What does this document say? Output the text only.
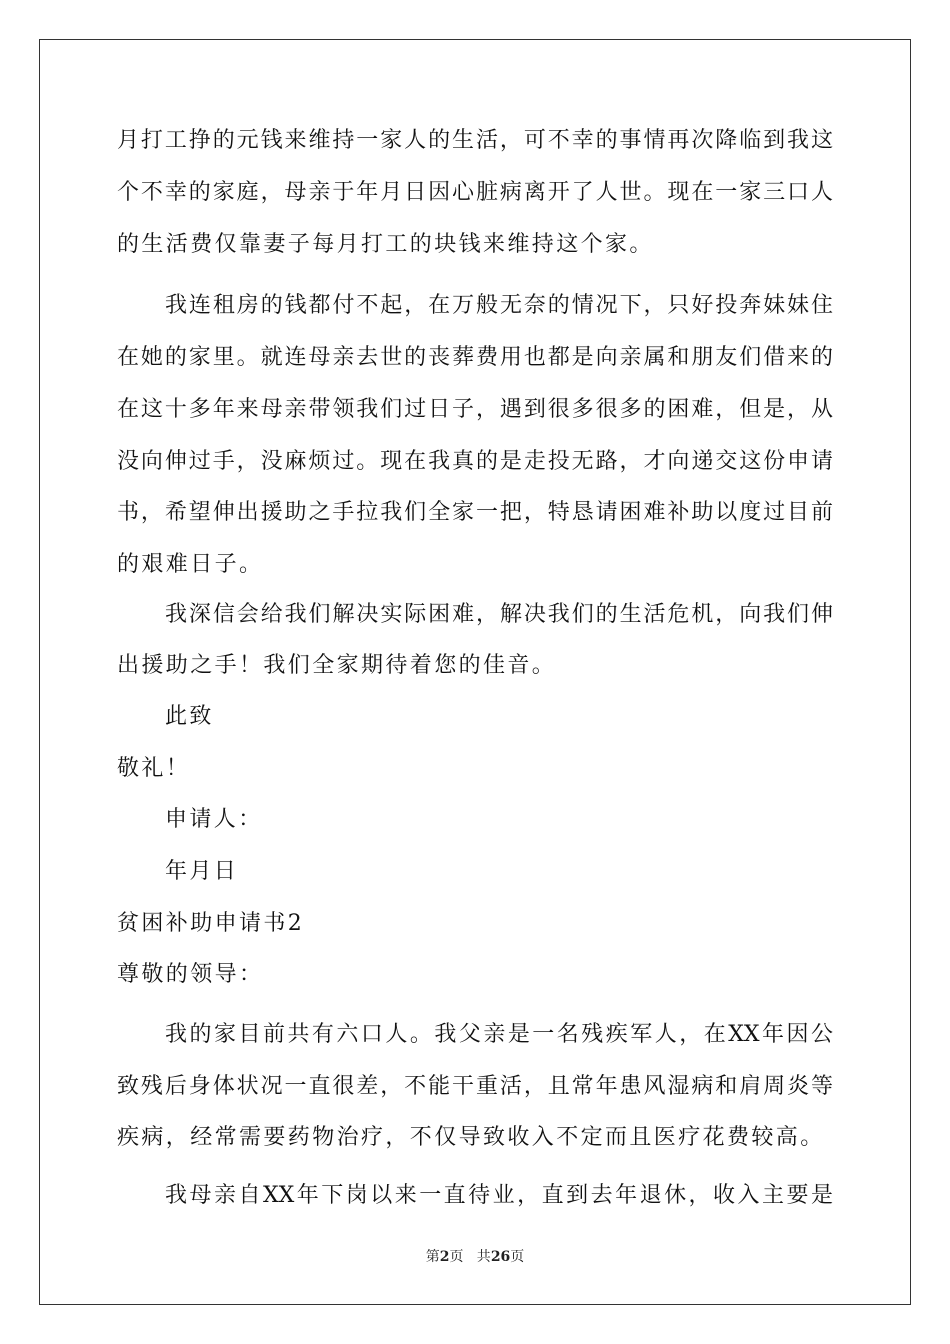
月打工挣的元钱来维持一家人的生活，可不幸的事情再次降临到我这
个不幸的家庭，母亲于年月日因心脏病离开了人世。现在一家三口人
的生活费仅靠妻子每月打工的块钱来维持这个家。
我连租房的钱都付不起，在万般无奈的情况下，只好投奔妹妹住
在她的家里。就连母亲去世的丧葬费用也都是向亲属和朋友们借来的
在这十多年来母亲带领我们过日子，遇到很多很多的困难，但是，从
没向伸过手，没麻烦过。现在我真的是走投无路，才向递交这份申请
书，希望伸出援助之手拉我们全家一把，特恳请困难补助以度过目前
的艰难日子。
我深信会给我们解决实际困难，解决我们的生活危机，向我们伸
出援助之手！我们全家期待着您的佳音。
此致
敬礼！
申请人：
年月日
贫困补助申请书2
尊敬的领导：
我的家目前共有六口人。我父亲是一名残疾军人，在XX年因公
致残后身体状况一直很差，不能干重活，且常年患风湿病和肩周炎等
疾病，经常需要药物治疗，不仅导致收入不定而且医疗花费较高。
我母亲自XX年下岗以来一直待业，直到去年退休，收入主要是
第2页   共26页
